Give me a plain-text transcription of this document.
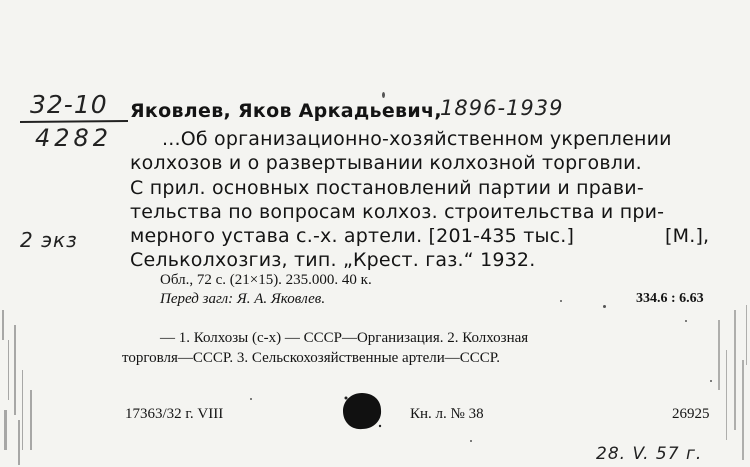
32-10 Яковлев, Яков Аркадьевич,
1896-1939
4282
2 экз
...Об организационно-хозяйственном укреплении
колхозов и о развертывании колхозной торговли.
С прил. основных постановлений партии и прави-
тельства по вопросам колхоз. строительства и при-
мерного устава с.-х. артели. [201-435 тыс.]	[М.],
Сельколхозгиз, тип. „Крест. газ.“ 1932.
Обл., 72 с. (21×15). 235.000. 40 к.
Перед загл: Я. А. Яковлев.	334.6 : 6.63
— 1. Колхозы (с-х) — СССР—Организация. 2. Колхозная
торговля—СССР. 3. Сельскохозяйственные артели—СССР.
17363/32 г. VIII	Кн. л. № 38	26925
28. V. 57 г.
